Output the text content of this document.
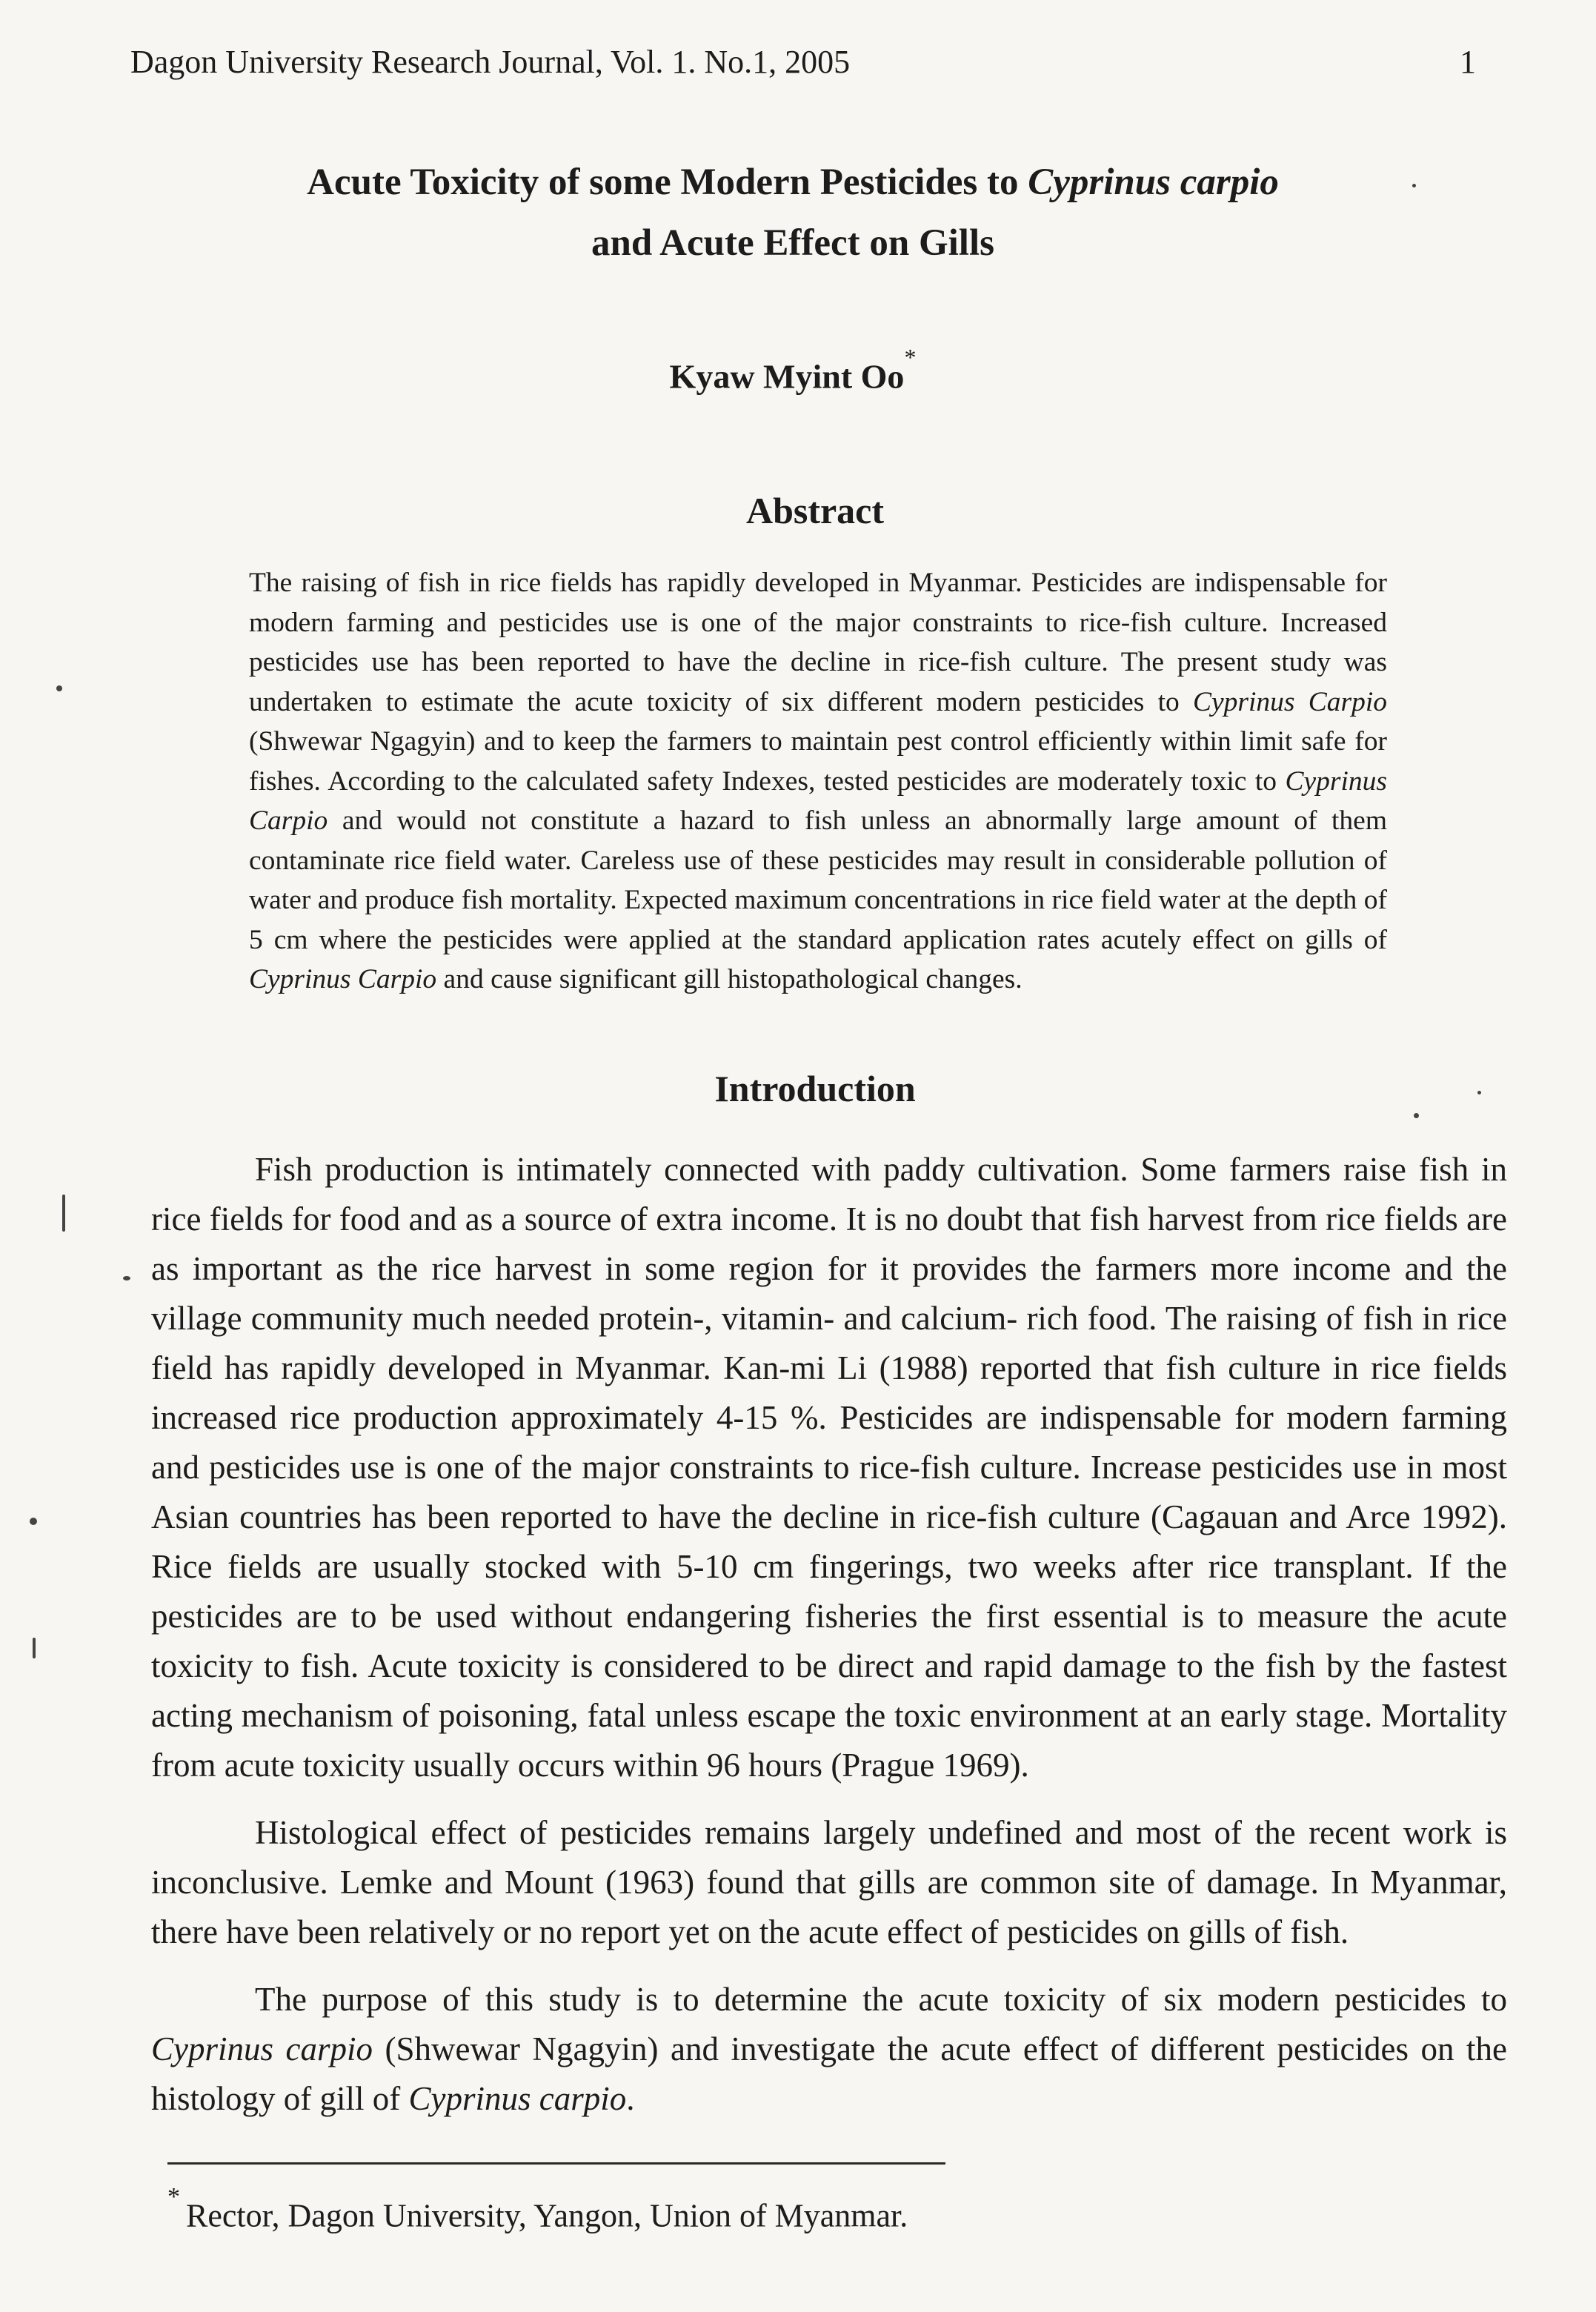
Dagon University Research Journal, Vol. 1. No.1, 2005	1
Acute Toxicity of some Modern Pesticides to Cyprinus carpio
and Acute Effect on Gills
Kyaw Myint Oo*
Abstract
The raising of fish in rice fields has rapidly developed in Myanmar. Pesticides are indispensable for modern farming and pesticides use is one of the major constraints to rice-fish culture. Increased pesticides use has been reported to have the decline in rice-fish culture. The present study was undertaken to estimate the acute toxicity of six different modern pesticides to Cyprinus Carpio (Shwewar Ngagyin) and to keep the farmers to maintain pest control efficiently within limit safe for fishes. According to the calculated safety Indexes, tested pesticides are moderately toxic to Cyprinus Carpio and would not constitute a hazard to fish unless an abnormally large amount of them contaminate rice field water. Careless use of these pesticides may result in considerable pollution of water and produce fish mortality. Expected maximum concentrations in rice field water at the depth of 5 cm where the pesticides were applied at the standard application rates acutely effect on gills of Cyprinus Carpio and cause significant gill histopathological changes.
Introduction

Fish production is intimately connected with paddy cultivation. Some farmers raise fish in rice fields for food and as a source of extra income. It is no doubt that fish harvest from rice fields are as important as the rice harvest in some region for it provides the farmers more income and the village community much needed protein-, vitamin- and calcium- rich food. The raising of fish in rice field has rapidly developed in Myanmar. Kan-mi Li (1988) reported that fish culture in rice fields increased rice production approximately 4-15 %. Pesticides are indispensable for modern farming and pesticides use is one of the major constraints to rice-fish culture. Increase pesticides use in most Asian countries has been reported to have the decline in rice-fish culture (Cagauan and Arce 1992). Rice fields are usually stocked with 5-10 cm fingerings, two weeks after rice transplant. If the pesticides are to be used without endangering fisheries the first essential is to measure the acute toxicity to fish. Acute toxicity is considered to be direct and rapid damage to the fish by the fastest acting mechanism of poisoning, fatal unless escape the toxic environment at an early stage. Mortality from acute toxicity usually occurs within 96 hours (Prague 1969).

Histological effect of pesticides remains largely undefined and most of the recent work is inconclusive. Lemke and Mount (1963) found that gills are common site of damage. In Myanmar, there have been relatively or no report yet on the acute effect of pesticides on gills of fish.

The purpose of this study is to determine the acute toxicity of six modern pesticides to Cyprinus carpio (Shwewar Ngagyin) and investigate the acute effect of different pesticides on the histology of gill of Cyprinus carpio.

*Rector, Dagon University, Yangon, Union of Myanmar.
